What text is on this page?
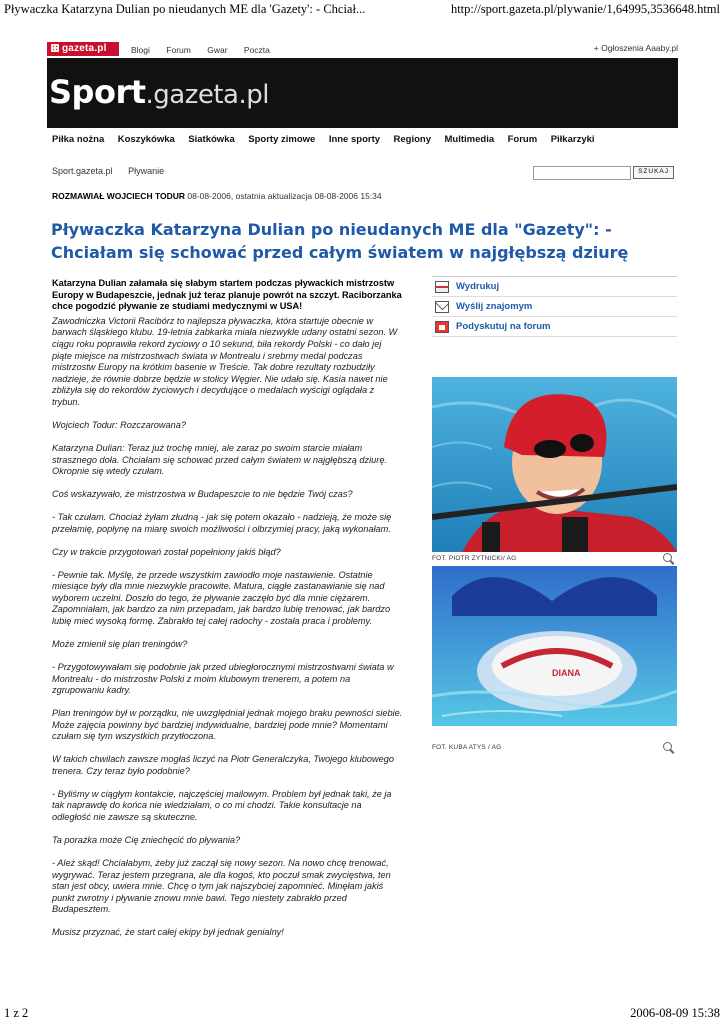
Pływaczka Katarzyna Dulian po nieudanych ME dla 'Gazety': - Chciał...	http://sport.gazeta.pl/plywanie/1,64995,3536648.html
gazeta.pl	Blogi Forum Gwar Poczta	+ Ogłoszenia Aaaby.pl
Sport.gazeta.pl
Piłka nożna Koszykówka Siatkówka Sporty zimowe Inne sporty Regiony Multimedia Forum Piłkarzyki
Sport.gazeta.pl Pływanie	SZUKAJ
ROZMAWIAŁ WOJCIECH TODUR 08-08-2006, ostatnia aktualizacja 08-08-2006 15:34
Pływaczka Katarzyna Dulian po nieudanych ME dla "Gazety": - Chciałam się schować przed całym światem w najgłębszą dziurę

Katarzyna Dulian załamała się słabym startem podczas pływackich mistrzostw Europy w Budapeszcie, jednak już teraz planuje powrót na szczyt. Raciborzanka chce pogodzić pływanie ze studiami medycznymi w USA!

Zawodniczka Victorii Racibórz to najlepsza pływaczka, która startuje obecnie w barwach śląskiego klubu. 19-letnia żabkarka miała niezwykle udany ostatni sezon. W ciągu roku poprawiła rekord życiowy o 10 sekund, biła rekordy Polski - co dało jej piąte miejsce na mistrzostwach świata w Montrealu i srebrny medal podczas mistrzostw Europy na krótkim basenie w Treście. Tak dobre rezultaty rozbudziły nadzieje, że równie dobrze będzie w stolicy Węgier. Nie udało się. Kasia nawet nie zbliżyła się do rekordów życiowych i decydujące o medalach wyścigi oglądała z trybun.

Wojciech Todur: Rozczarowana?

Katarzyna Dulian: Teraz już trochę mniej, ale zaraz po swoim starcie miałam strasznego doła. Chciałam się schować przed całym światem w najgłębszą dziurę. Okropnie się wtedy czułam.

Coś wskazywało, że mistrzostwa w Budapeszcie to nie będzie Twój czas?

- Tak czułam. Chociaż żyłam złudną - jak się potem okazało - nadzieją, że może się przełamię, popłynę na miarę swoich możliwości i olbrzymiej pracy, jaką wykonałam.

Czy w trakcie przygotowań został popełniony jakiś błąd?

- Pewnie tak. Myślę, że przede wszystkim zawiodło moje nastawienie. Ostatnie miesiące były dla mnie niezwykle pracowite. Matura, ciągłe zastanawianie się nad wyborem uczelni. Doszło do tego, że pływanie zaczęło być dla mnie ciężarem. Zapomniałam, jak bardzo za nim przepadam, jak bardzo lubię trenować, jak bardzo lubię mieć wysoką formę. Zabrakło tej całej radochy - została praca i problemy.

Może zmienił się plan treningów?

- Przygotowywałam się podobnie jak przed ubiegłorocznymi mistrzostwami świata w Montrealu - do mistrzostw Polski z moim klubowym trenerem, a potem na zgrupowaniu kadry.

Plan treningów był w porządku, nie uwzględniał jednak mojego braku pewności siebie. Może zajęcia powinny być bardziej indywidualne, bardziej pode mnie? Momentami czułam się tym wszystkich przytłoczona.

W takich chwilach zawsze mogłaś liczyć na Piotr Generalczyka, Twojego klubowego trenera. Czy teraz było podobnie?

- Byliśmy w ciągłym kontakcie, najczęściej mailowym. Problem był jednak taki, że ja tak naprawdę do końca nie wiedziałam, o co mi chodzi. Takie konsultacje na odległość nie zawsze są skuteczne.

Ta porażka może Cię zniechęcić do pływania?

- Ależ skąd! Chciałabym, żeby już zaczął się nowy sezon. Na nowo chcę trenować, wygrywać. Teraz jestem przegrana, ale dla kogoś, kto poczuł smak zwycięstwa, ten stan jest obcy, uwiera mnie. Chcę o tym jak najszybciej zapomnieć. Minęłam jakiś punkt zwrotny i pływanie znowu mnie bawi. Tego niestety zabrakło przed Budapesztem.

Musisz przyznać, że start całej ekipy był jednak genialny!

Wydrukuj
Wyślij znajomym
Podyskutuj na forum
FOT. PIOTR ZYTNICKI/ AG
DIANA
FOT. KUBA ATYS / AG
1 z 2	2006-08-09 15:38
